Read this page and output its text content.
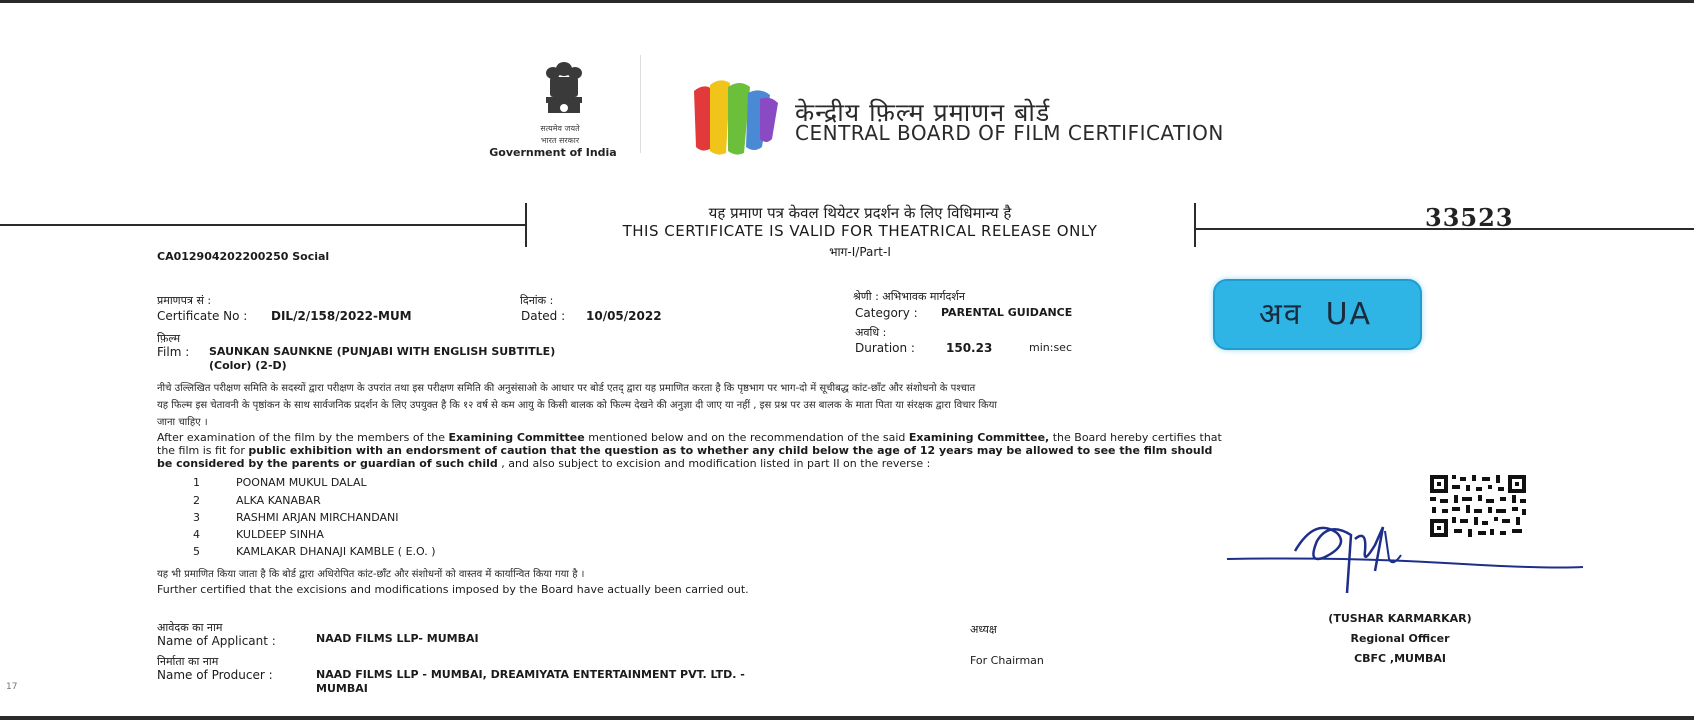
सत्यमेव जयते
भारत सरकार
Government of India
केन्द्रीय फ़िल्म प्रमाणन बोर्ड
CENTRAL BOARD OF FILM CERTIFICATION
यह प्रमाण पत्र केवल थियेटर प्रदर्शन के लिए विधिमान्य है
THIS CERTIFICATE IS VALID FOR THEATRICAL RELEASE ONLY
भाग-I/Part-I
33523
CA012904202200250 Social
प्रमाणपत्र सं :
Certificate No : DIL/2/158/2022-MUM
दिनांक :
Dated : 10/05/2022
श्रेणी : अभिभावक मार्गदर्शन
Category : PARENTAL GUIDANCE
अवधि :
Duration :	150.23	min:sec
फ़िल्म
Film : SAUNKAN SAUNKNE (PUNJABI WITH ENGLISH SUBTITLE)
(Color) (2-D)
अव UA
नीचे उल्लिखित परीक्षण समिति के सदस्यों द्वारा परीक्षण के उपरांत तथा इस परीक्षण समिति की अनुसंसाओ के आधार पर बोर्ड एतद् द्वारा यह प्रमाणित करता है कि पृष्ठभाग पर भाग-दो में सूचीबद्ध कांट-छाँट और संशोधनो के पश्चात
यह फिल्म इस चेतावनी के पृष्ठांकन के साथ सार्वजनिक प्रदर्शन के लिए उपयुक्त है कि १२ वर्ष से कम आयु के किसी बालक को फिल्म देखने की अनुज्ञा दी जाए या नहीं , इस प्रश्न पर उस बालक के माता पिता या संरक्षक द्वारा विचार किया
जाना चाहिए ।
After examination of the film by the members of the Examining Committee mentioned below and on the recommendation of the said Examining Committee, the Board hereby certifies that
the film is fit for public exhibition with an endorsment of caution that the question as to whether any child below the age of 12 years may be allowed to see the film should
be considered by the parents or guardian of such child , and also subject to excision and modification listed in part II on the reverse :
1	POONAM MUKUL DALAL
2	ALKA KANABAR
3	RASHMI ARJAN MIRCHANDANI
4	KULDEEP SINHA
5	KAMLAKAR DHANAJI KAMBLE ( E.O. )
यह भी प्रमाणित किया जाता है कि बोर्ड द्वारा अधिरोपित कांट-छाँट और संशोधनों को वास्तव में कार्यान्वित किया गया है ।
Further certified that the excisions and modifications imposed by the Board have actually been carried out.
आवेदक का नाम
Name of Applicant :	NAAD FILMS LLP- MUMBAI
निर्माता का नाम
Name of Producer :	NAAD FILMS LLP - MUMBAI, DREAMIYATA ENTERTAINMENT PVT. LTD. -
MUMBAI
अध्यक्ष
For Chairman
(TUSHAR KARMARKAR)
Regional Officer
CBFC ,MUMBAI
17
